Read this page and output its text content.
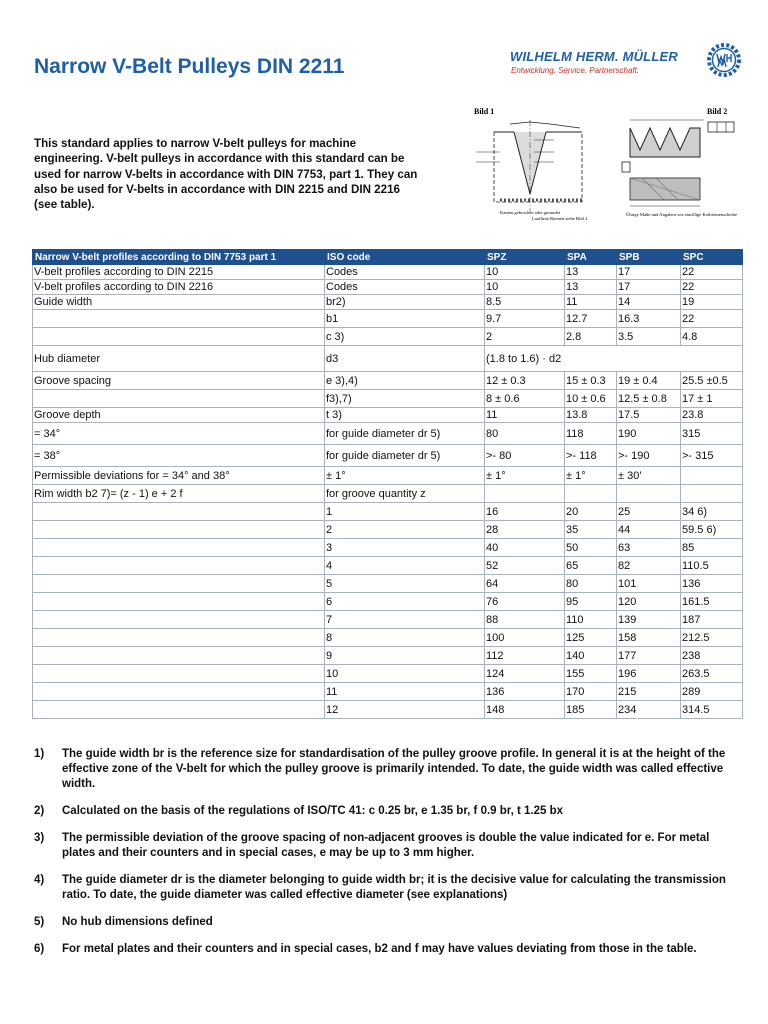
Narrow V-Belt Pulleys DIN 2211	WILHELM HERM. MÜLLER
Entwicklung. Service. Partnerschaft.

This standard applies to narrow V-belt pulleys for machine engineering. V-belt pulleys in accordance with this standard can be used for narrow V-belts in accordance with DIN 7753, part 1. They can also be used for V-belts in accordance with DIN 2215 and DIN 2216 (see table).

Bild 1
Kanten gebrochen oder gerundet
Lauflinie Riemen siehe Bild 2
Bild 2
Übrige Maße und Angaben wie einrillige Keilriemenscheibe
Narrow V-belt profiles according to DIN 7753 part 1	ISO code	SPZ	SPA	SPB	SPC
V-belt profiles according to DIN 2215	Codes	10	13	17	22
V-belt profiles according to DIN 2216	Codes	10	13	17	22
Guide width	br2)	8.5	11	14	19
	b1	9.7	12.7	16.3	22
	c 3)	2	2.8	3.5	4.8
Hub diameter	d3	(1.8 to 1.6) · d2			
Groove spacing	e 3),4)	12 ± 0.3	15 ± 0.3	19 ± 0.4	25.5 ±0.5
	f3),7)	8 ± 0.6	10 ± 0.6	12.5 ± 0.8	17 ± 1
Groove depth	t 3)	11	13.8	17.5	23.8
= 34°	for guide diameter dr 5)	80	118	190	315
= 38°	for guide diameter dr 5)	>- 80	>- 118	>- 190	>- 315
Permissible deviations for = 34° and 38°	± 1°	± 1°	± 1°	± 30'	
Rim width b2 7)= (z - 1) e + 2 f	for groove quantity z				
	1	16	20	25	34 6)
	2	28	35	44	59.5 6)
	3	40	50	63	85
	4	52	65	82	110.5
	5	64	80	101	136
	6	76	95	120	161.5
	7	88	110	139	187
	8	100	125	158	212.5
	9	112	140	177	238
	10	124	155	196	263.5
	11	136	170	215	289
	12	148	185	234	314.5
1) The guide width br is the reference size for standardisation of the pulley groove profile. In general it is at the height of the effective zone of the V-belt for which the pulley groove is primarily intended. To date, the guide width was called effective width.
2) Calculated on the basis of the regulations of ISO/TC 41: c 0.25 br, e 1.35 br, f 0.9 br, t 1.25 bx
3) The permissible deviation of the groove spacing of non-adjacent grooves is double the value indicated for e. For metal plates and their counters and in special cases, e may be up to 3 mm higher.
4) The guide diameter dr is the diameter belonging to guide width br; it is the decisive value for calculating the transmission ratio. To date, the guide diameter was called effective diameter (see explanations)
5) No hub dimensions defined
6) For metal plates and their counters and in special cases, b2 and f may have values deviating from those in the table.
